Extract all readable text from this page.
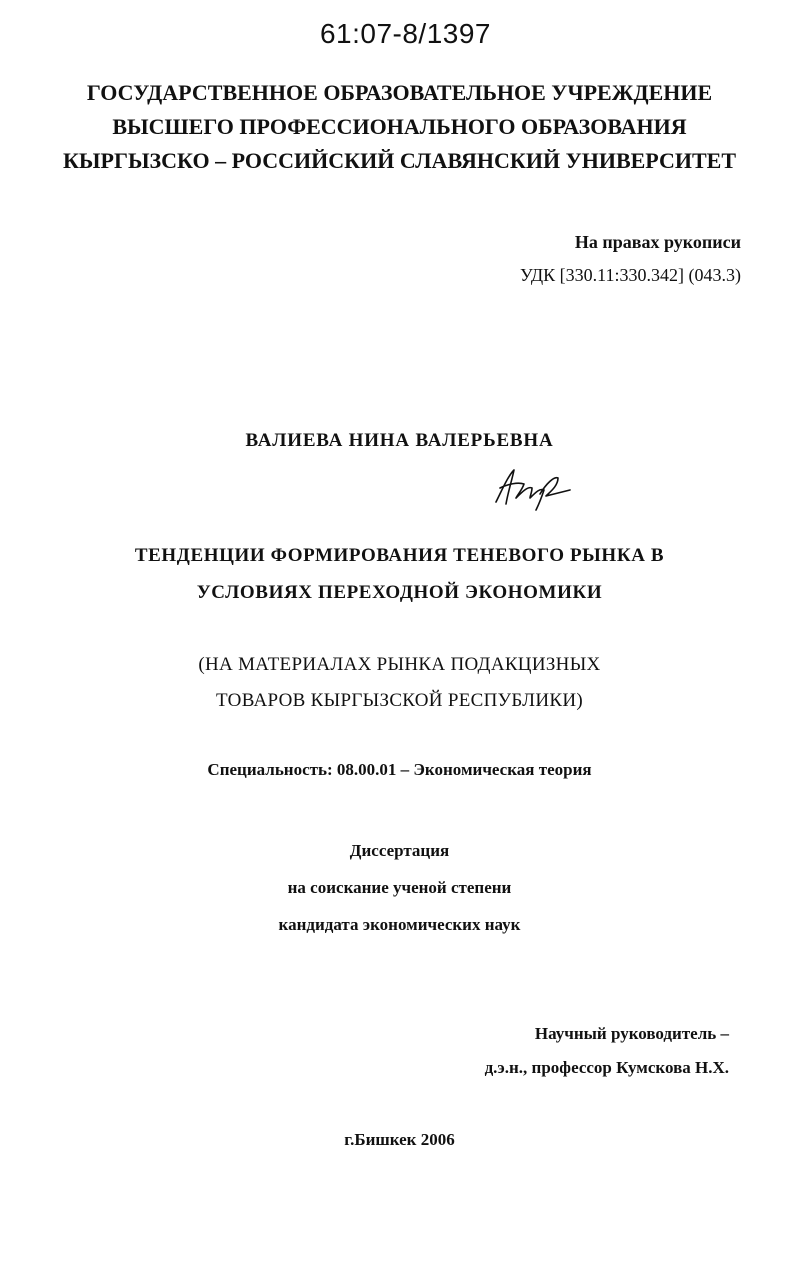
61:07-8/1397
ГОСУДАРСТВЕННОЕ ОБРАЗОВАТЕЛЬНОЕ УЧРЕЖДЕНИЕ
ВЫСШЕГО ПРОФЕССИОНАЛЬНОГО ОБРАЗОВАНИЯ
КЫРГЫЗСКО – РОССИЙСКИЙ СЛАВЯНСКИЙ УНИВЕРСИТЕТ
На правах рукописи
УДК [330.11:330.342] (043.3)
ВАЛИЕВА НИНА ВАЛЕРЬЕВНА
ТЕНДЕНЦИИ ФОРМИРОВАНИЯ ТЕНЕВОГО РЫНКА В
УСЛОВИЯХ ПЕРЕХОДНОЙ ЭКОНОМИКИ
(НА МАТЕРИАЛАХ РЫНКА ПОДАКЦИЗНЫХ
ТОВАРОВ КЫРГЫЗСКОЙ РЕСПУБЛИКИ)
Специальность: 08.00.01 – Экономическая теория
Диссертация
на соискание ученой степени
кандидата экономических наук
Научный руководитель –
д.э.н., профессор Кумскова Н.Х.
г.Бишкек 2006
